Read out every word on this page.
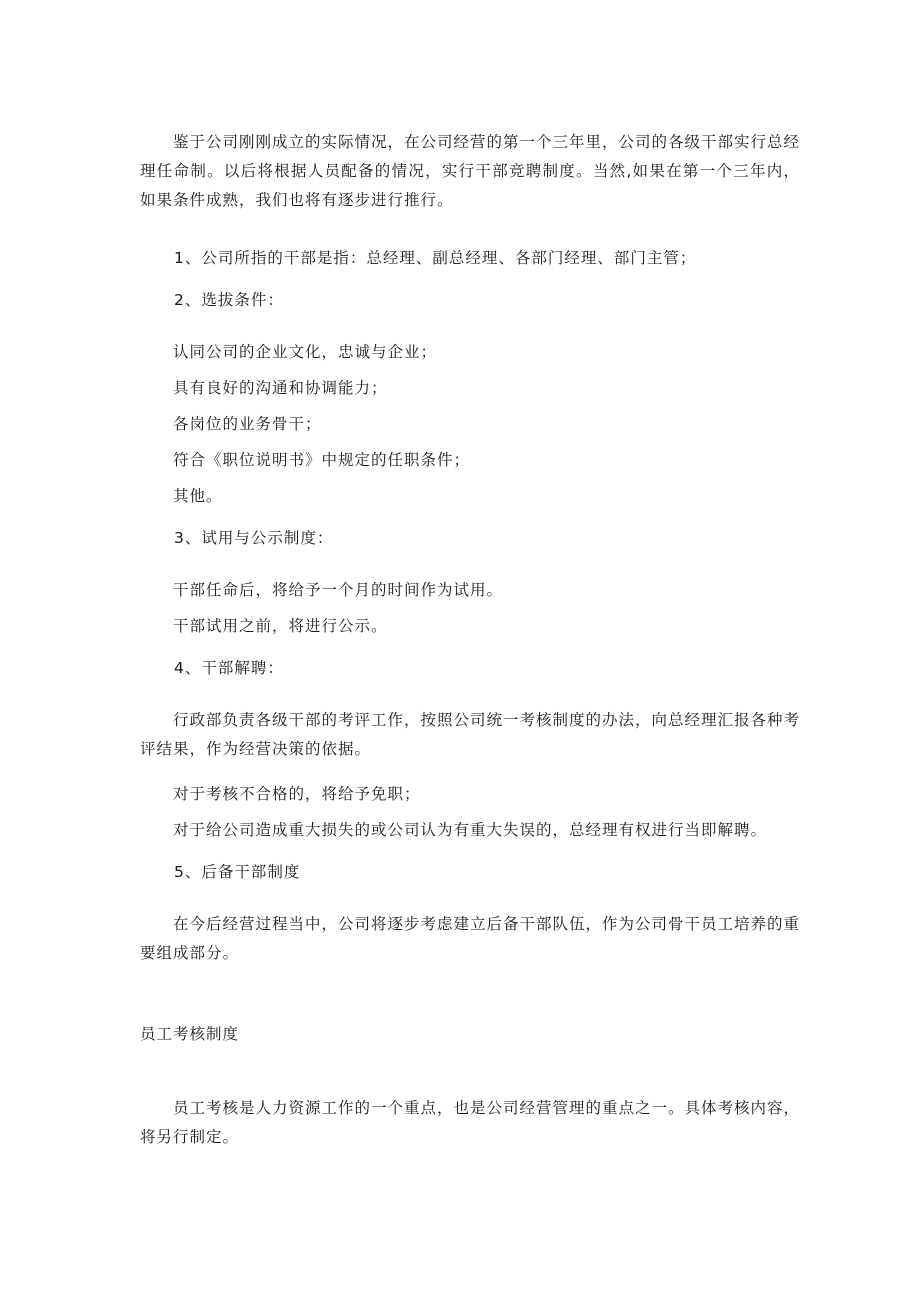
鉴于公司刚刚成立的实际情况，在公司经营的第一个三年里，公司的各级干部实行总经理任命制。以后将根据人员配备的情况，实行干部竞聘制度。当然,如果在第一个三年内，如果条件成熟，我们也将有逐步进行推行。

1、公司所指的干部是指：总经理、副总经理、各部门经理、部门主管；

2、选拔条件：

认同公司的企业文化，忠诚与企业；

具有良好的沟通和协调能力；

各岗位的业务骨干；

符合《职位说明书》中规定的任职条件；

其他。

3、试用与公示制度：

干部任命后，将给予一个月的时间作为试用。

干部试用之前，将进行公示。

4、干部解聘：

行政部负责各级干部的考评工作，按照公司统一考核制度的办法，向总经理汇报各种考评结果，作为经营决策的依据。

对于考核不合格的，将给予免职；

对于给公司造成重大损失的或公司认为有重大失误的，总经理有权进行当即解聘。

5、后备干部制度

在今后经营过程当中，公司将逐步考虑建立后备干部队伍，作为公司骨干员工培养的重要组成部分。

员工考核制度

员工考核是人力资源工作的一个重点，也是公司经营管理的重点之一。具体考核内容，将另行制定。
